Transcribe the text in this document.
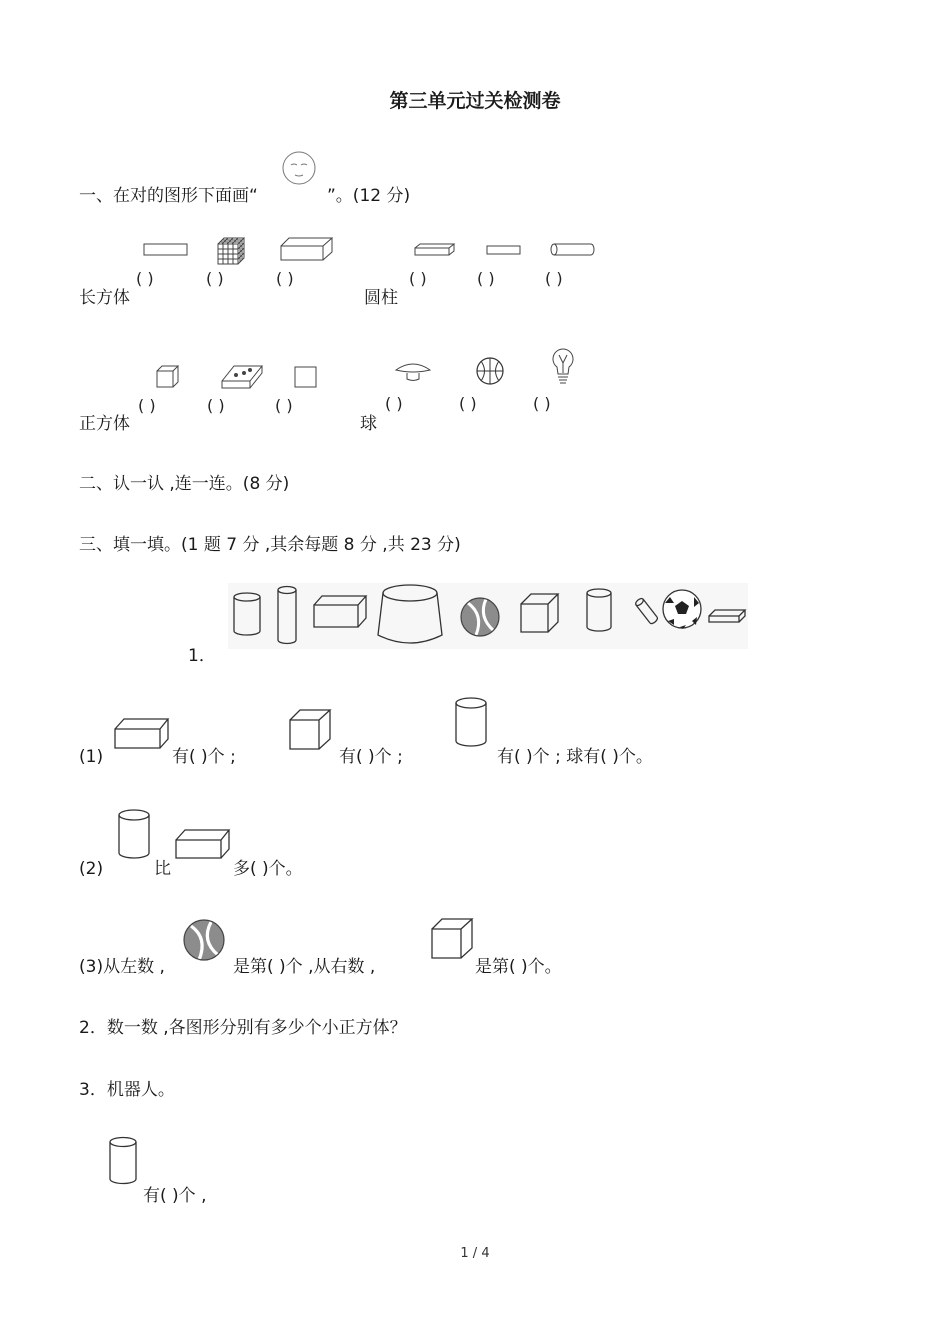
第三单元过关检测卷
一、在对的图形下面画“	”。(12 分)
( )	( )	( )
长方体
( )	( )	( )
圆柱
( )	( )	( )
正方体
( )	( )	( )
球
二、认一认 ,连一连。(8 分)
三、填一填。(1 题 7 分 ,其余每题 8 分 ,共 23 分)
1．
(1)	有( )个 ;	有( )个 ;	有( )个 ; 球有( )个。
(2)	比	多( )个。
(3)从左数 ,	是第( )个 ,从右数 ,	是第( )个。
2．数一数 ,各图形分别有多少个小正方体？
3．机器人。
有( )个 ,
1 / 4
